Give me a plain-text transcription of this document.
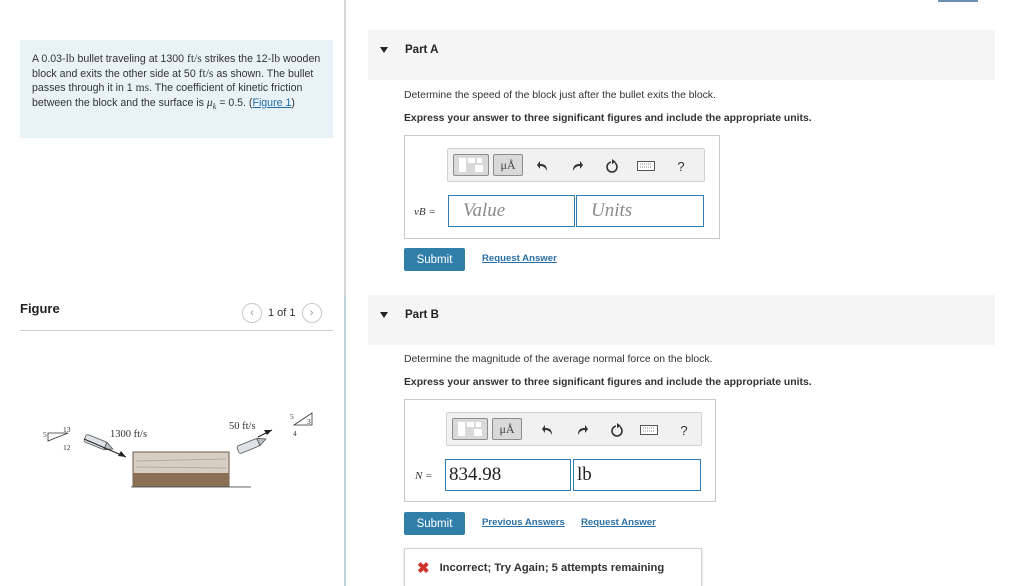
A 0.03-lb bullet traveling at 1300 ft/s strikes the 12-lb wooden block and exits the other side at 50 ft/s as shown. The bullet passes through it in 1 ms. The coefficient of kinetic friction between the block and the surface is $\mu_k = 0.5$. (Figure 1)
Figure	‹	1 of 1	›
1300 ft/s
50 ft/s
5
13
12
5
3
4
Part A
Determine the speed of the block just after the bullet exits the block.
Express your answer to three significant figures and include the appropriate units.
μÅ	?
vB =	Value	Units
Submit	Request Answer
Part B
Determine the magnitude of the average normal force on the block.
Express your answer to three significant figures and include the appropriate units.
μÅ	?
N = 834.98	lb
Submit	Previous Answers Request Answer
✖ Incorrect; Try Again; 5 attempts remaining
